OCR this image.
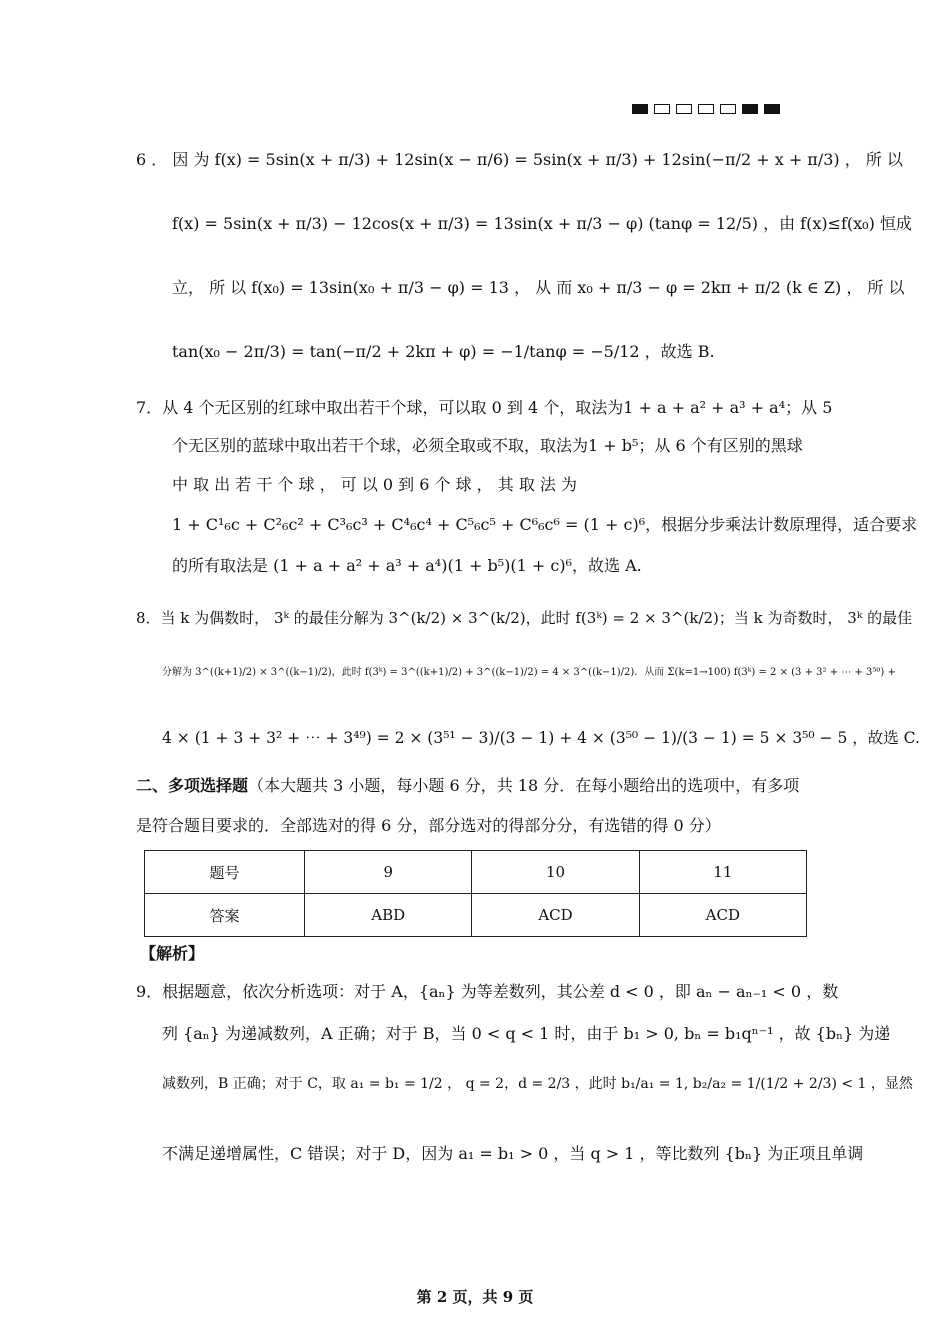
6 ． 因 为 f(x) = 5sin(x + π/3) + 12sin(x − π/6) = 5sin(x + π/3) + 12sin(−π/2 + x + π/3) ， 所 以
f(x) = 5sin(x + π/3) − 12cos(x + π/3) = 13sin(x + π/3 − φ) (tanφ = 12/5) ，由 f(x)≤f(x₀) 恒成
立， 所 以 f(x₀) = 13sin(x₀ + π/3 − φ) = 13 ， 从 而 x₀ + π/3 − φ = 2kπ + π/2 (k ∈ Z) ， 所 以
tan(x₀ − 2π/3) = tan(−π/2 + 2kπ + φ) = −1/tanφ = −5/12 ，故选 B.
7．从 4 个无区别的红球中取出若干个球，可以取 0 到 4 个，取法为1 + a + a² + a³ + a⁴；从 5
个无区别的蓝球中取出若干个球，必须全取或不取，取法为1 + b⁵；从 6 个有区别的黑球
中 取 出 若 干 个 球 ， 可 以 0 到 6 个 球 ， 其 取 法 为
1 + C¹₆c + C²₆c² + C³₆c³ + C⁴₆c⁴ + C⁵₆c⁵ + C⁶₆c⁶ = (1 + c)⁶，根据分步乘法计数原理得，适合要求
的所有取法是 (1 + a + a² + a³ + a⁴)(1 + b⁵)(1 + c)⁶，故选 A.
8．当 k 为偶数时， 3ᵏ 的最佳分解为 3^(k/2) × 3^(k/2)，此时 f(3ᵏ) = 2 × 3^(k/2)；当 k 为奇数时， 3ᵏ 的最佳
分解为 3^((k+1)/2) × 3^((k−1)/2)，此时 f(3ᵏ) = 3^((k+1)/2) + 3^((k−1)/2) = 4 × 3^((k−1)/2)．从而 Σ(k=1→100) f(3ᵏ) = 2 × (3 + 3² + ⋯ + 3⁵⁰) +
4 × (1 + 3 + 3² + ⋯ + 3⁴⁹) = 2 × (3⁵¹ − 3)/(3 − 1) + 4 × (3⁵⁰ − 1)/(3 − 1) = 5 × 3⁵⁰ − 5 ，故选 C.
二、多项选择题（本大题共 3 小题，每小题 6 分，共 18 分．在每小题给出的选项中，有多项
是符合题目要求的．全部选对的得 6 分，部分选对的得部分分，有选错的得 0 分）
题号	9	10	11
答案	ABD	ACD	ACD
【解析】
9．根据题意，依次分析选项：对于 A，{aₙ} 为等差数列，其公差 d < 0 ，即 aₙ − aₙ₋₁ < 0 ，数
列 {aₙ} 为递减数列，A 正确；对于 B，当 0 < q < 1 时，由于 b₁ > 0, bₙ = b₁qⁿ⁻¹ ，故 {bₙ} 为递
减数列，B 正确；对于 C，取 a₁ = b₁ = 1/2 ， q = 2，d = 2/3 ，此时 b₁/a₁ = 1, b₂/a₂ = 1/(1/2 + 2/3) < 1 ，显然
不满足递增属性，C 错误；对于 D，因为 a₁ = b₁ > 0 ，当 q > 1 ，等比数列 {bₙ} 为正项且单调
第 2 页，共 9 页
